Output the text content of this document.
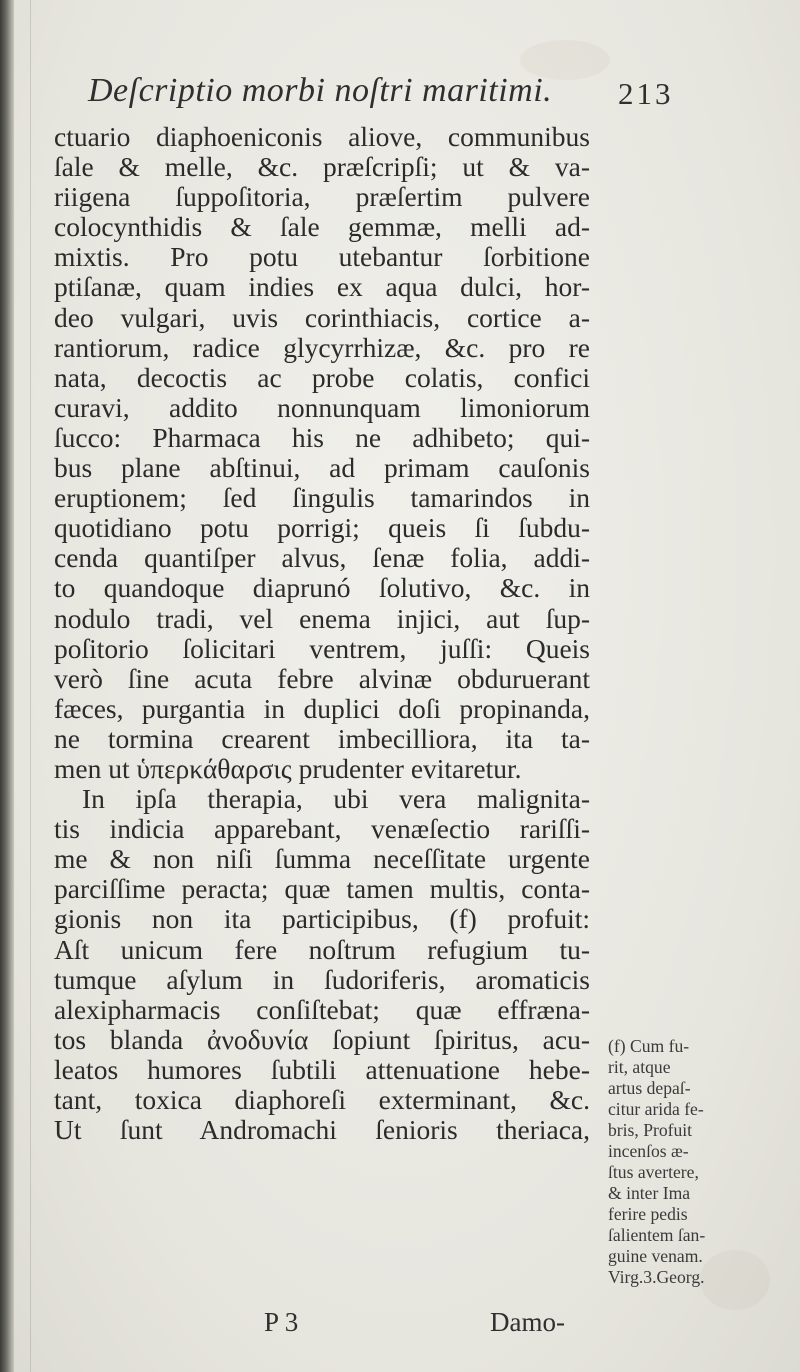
Deſcriptio morbi noſtri maritimi. 213
ctuario diaphoeniconis aliove, communibus
ſale & melle, &c. præſcripſi; ut & va-
riigena ſuppoſitoria, præſertim pulvere
colocynthidis & ſale gemmæ, melli ad-
mixtis. Pro potu utebantur ſorbitione
ptiſanæ, quam indies ex aqua dulci, hor-
deo vulgari, uvis corinthiacis, cortice a-
rantiorum, radice glycyrrhizæ, &c. pro re
nata, decoctis ac probe colatis, confici
curavi, addito nonnunquam limoniorum
ſucco: Pharmaca his ne adhibeto; qui-
bus plane abſtinui, ad primam cauſonis
eruptionem; ſed ſingulis tamarindos in
quotidiano potu porrigi; queis ſi ſubdu-
cenda quantiſper alvus, ſenæ folia, addi-
to quandoque diaprunó ſolutivo, &c. in
nodulo tradi, vel enema injici, aut ſup-
poſitorio ſolicitari ventrem, juſſi: Queis
verò ſine acuta febre alvinæ obduruerant
fæces, purgantia in duplici doſi propinanda,
ne tormina crearent imbecilliora, ita ta-
men ut ὑπερκάθαρσις prudenter evitaretur.
In ipſa therapia, ubi vera malignita-
tis indicia apparebant, venæſectio rariſſi-
me & non niſi ſumma neceſſitate urgente
parciſſime peracta; quæ tamen multis, conta-
gionis non ita participibus, (f) profuit:
Aſt unicum fere noſtrum refugium tu-
tumque aſylum in ſudoriferis, aromaticis
alexipharmacis conſiſtebat; quæ effræna-
tos blanda ἀνοδυνία ſopiunt ſpiritus, acu-
leatos humores ſubtili attenuatione hebe-
tant, toxica diaphoreſi exterminant, &c.
Ut ſunt Andromachi ſenioris theriaca,
(f) Cum fu-
rit, atque
artus depaſ-
citur arida fe-
bris, Profuit
incenſos æ-
ſtus avertere,
& inter Ima
ferire pedis
ſalientem ſan-
guine venam.
Virg.3.Georg.
P 3	Damo-
